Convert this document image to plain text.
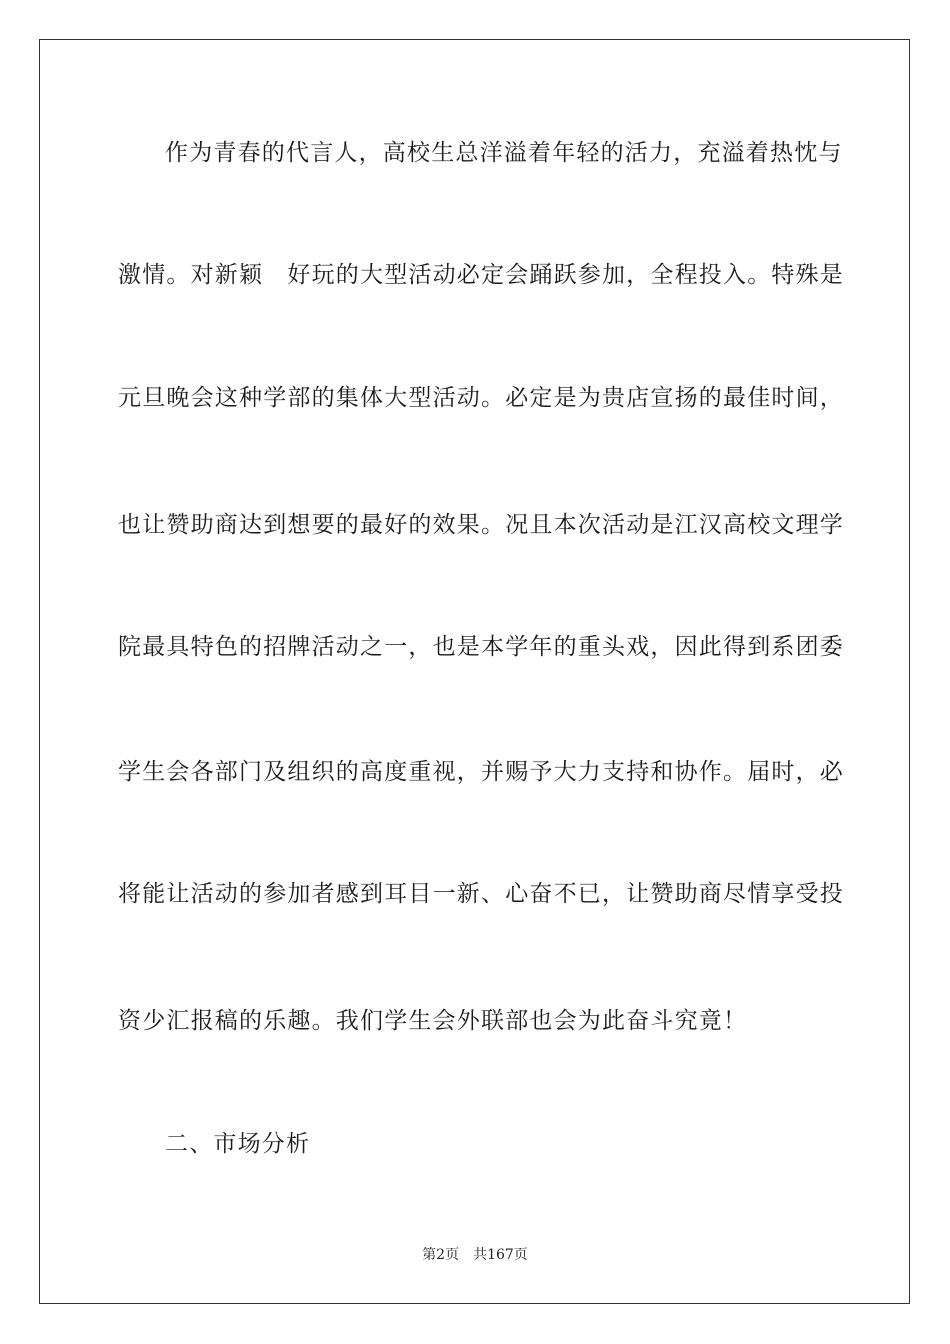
作为青春的代言人，高校生总洋溢着年轻的活力，充溢着热忱与
激情。对新颖　好玩的大型活动必定会踊跃参加，全程投入。特殊是
元旦晚会这种学部的集体大型活动。必定是为贵店宣扬的最佳时间，
也让赞助商达到想要的最好的效果。况且本次活动是江汉高校文理学
院最具特色的招牌活动之一，也是本学年的重头戏，因此得到系团委
学生会各部门及组织的高度重视，并赐予大力支持和协作。届时，必
将能让活动的参加者感到耳目一新、心奋不已，让赞助商尽情享受投
资少汇报稿的乐趣。我们学生会外联部也会为此奋斗究竟！
二、市场分析
第2页　共167页
